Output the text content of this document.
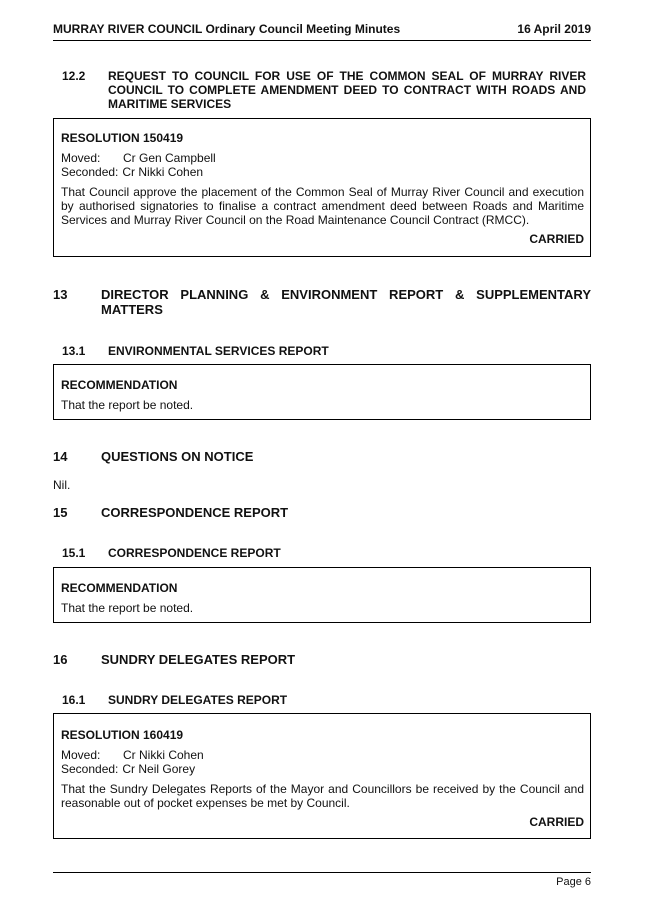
MURRAY RIVER COUNCIL Ordinary Council Meeting Minutes	16 April 2019
12.2 REQUEST TO COUNCIL FOR USE OF THE COMMON SEAL OF MURRAY RIVER
COUNCIL TO COMPLETE AMENDMENT DEED TO CONTRACT WITH ROADS AND
MARITIME SERVICES
RESOLUTION 150419
Moved:	Cr Gen Campbell
Seconded: Cr Nikki Cohen
That Council approve the placement of the Common Seal of Murray River Council and execution by authorised signatories to finalise a contract amendment deed between Roads and Maritime Services and Murray River Council on the Road Maintenance Council Contract (RMCC).
CARRIED
13	DIRECTOR PLANNING & ENVIRONMENT REPORT & SUPPLEMENTARY
MATTERS
13.1 ENVIRONMENTAL SERVICES REPORT
RECOMMENDATION
That the report be noted.
14	QUESTIONS ON NOTICE
Nil.
15	CORRESPONDENCE REPORT
15.1 CORRESPONDENCE REPORT
RECOMMENDATION
That the report be noted.
16	SUNDRY DELEGATES REPORT
16.1 SUNDRY DELEGATES REPORT
RESOLUTION 160419
Moved:	Cr Nikki Cohen
Seconded: Cr Neil Gorey
That the Sundry Delegates Reports of the Mayor and Councillors be received by the Council and reasonable out of pocket expenses be met by Council.
CARRIED
Page 6
